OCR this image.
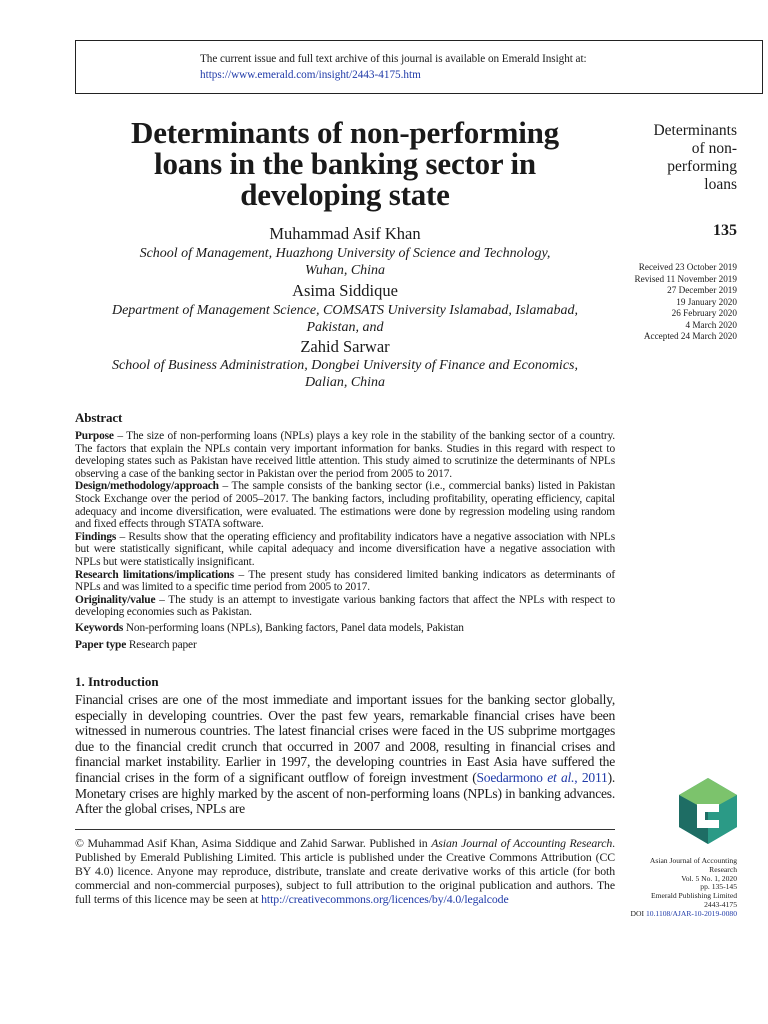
The current issue and full text archive of this journal is available on Emerald Insight at:
https://www.emerald.com/insight/2443-4175.htm
Determinants of non-performing
loans in the banking sector in
developing state
Muhammad Asif Khan
School of Management, Huazhong University of Science and Technology,
Wuhan, China
Asima Siddique
Department of Management Science, COMSATS University Islamabad, Islamabad,
Pakistan, and
Zahid Sarwar
School of Business Administration, Dongbei University of Finance and Economics,
Dalian, China
Determinants
of non-
performing
loans
135
Received 23 October 2019
Revised 11 November 2019
27 December 2019
19 January 2020
26 February 2020
4 March 2020
Accepted 24 March 2020
Abstract

Purpose – The size of non-performing loans (NPLs) plays a key role in the stability of the banking sector of a country. The factors that explain the NPLs contain very important information for banks. Studies in this regard with respect to developing states such as Pakistan have received little attention. This study aimed to scrutinize the determinants of NPLs observing a case of the banking sector in Pakistan over the period from 2005 to 2017.

Design/methodology/approach – The sample consists of the banking sector (i.e., commercial banks) listed in Pakistan Stock Exchange over the period of 2005–2017. The banking factors, including profitability, operating efficiency, capital adequacy and income diversification, were evaluated. The estimations were done by regression modeling using random and fixed effects through STATA software.

Findings – Results show that the operating efficiency and profitability indicators have a negative association with NPLs but were statistically significant, while capital adequacy and income diversification have a negative association with NPLs but were statistically insignificant.

Research limitations/implications – The present study has considered limited banking indicators as determinants of NPLs and was limited to a specific time period from 2005 to 2017.

Originality/value – The study is an attempt to investigate various banking factors that affect the NPLs with respect to developing economies such as Pakistan.

Keywords Non-performing loans (NPLs), Banking factors, Panel data models, Pakistan

Paper type Research paper

1. Introduction
Financial crises are one of the most immediate and important issues for the banking sector globally, especially in developing countries. Over the past few years, remarkable financial crises have been witnessed in numerous countries. The latest financial crises were faced in the US subprime mortgages due to the financial credit crunch that occurred in 2007 and 2008, resulting in financial crises and financial market instability. Earlier in 1997, the developing countries in East Asia have suffered the financial crises in the form of a significant outflow of foreign investment (Soedarmono et al., 2011). Monetary crises are highly marked by the ascent of non-performing loans (NPLs) in banking advances. After the global crises, NPLs are
© Muhammad Asif Khan, Asima Siddique and Zahid Sarwar. Published in Asian Journal of Accounting Research. Published by Emerald Publishing Limited. This article is published under the Creative Commons Attribution (CC BY 4.0) licence. Anyone may reproduce, distribute, translate and create derivative works of this article (for both commercial and non-commercial purposes), subject to full attribution to the original publication and authors. The full terms of this licence may be seen at http://creativecommons.org/licences/by/4.0/legalcode
Asian Journal of Accounting
Research
Vol. 5 No. 1, 2020
pp. 135-145
Emerald Publishing Limited
2443-4175
DOI 10.1108/AJAR-10-2019-0080
